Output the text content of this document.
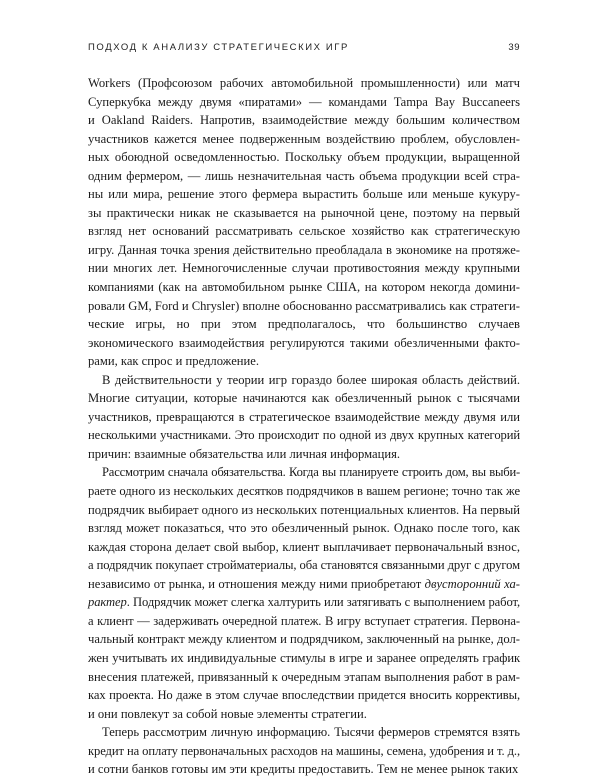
ПОДХОД К АНАЛИЗУ СТРАТЕГИЧЕСКИХ ИГР	39
Workers (Профсоюзом рабочих автомобильной промышленности) или матч
Суперкубка между двумя «пиратами» — командами Tampa Bay Buccaneers
и Oakland Raiders. Напротив, взаимодействие между большим количеством
участников кажется менее подверженным воздействию проблем, обусловлен-
ных обоюдной осведомленностью. Поскольку объем продукции, выращенной
одним фермером, — лишь незначительная часть объема продукции всей стра-
ны или мира, решение этого фермера вырастить больше или меньше кукуру-
зы практически никак не сказывается на рыночной цене, поэтому на первый
взгляд нет оснований рассматривать сельское хозяйство как стратегическую
игру. Данная точка зрения действительно преобладала в экономике на протяже-
нии многих лет. Немногочисленные случаи противостояния между крупными
компаниями (как на автомобильном рынке США, на котором некогда домини-
ровали GM, Ford и Chrysler) вполне обоснованно рассматривались как стратеги-
ческие игры, но при этом предполагалось, что большинство случаев
экономического взаимодействия регулируются такими обезличенными факто-
рами, как спрос и предложение.
В действительности у теории игр гораздо более широкая область действий.
Многие ситуации, которые начинаются как обезличенный рынок с тысячами
участников, превращаются в стратегическое взаимодействие между двумя или
несколькими участниками. Это происходит по одной из двух крупных категорий
причин: взаимные обязательства или личная информация.
Рассмотрим сначала обязательства. Когда вы планируете строить дом, вы выби-
раете одного из нескольких десятков подрядчиков в вашем регионе; точно так же
подрядчик выбирает одного из нескольких потенциальных клиентов. На первый
взгляд может показаться, что это обезличенный рынок. Однако после того, как
каждая сторона делает свой выбор, клиент выплачивает первоначальный взнос,
а подрядчик покупает стройматериалы, оба становятся связанными друг с другом
независимо от рынка, и отношения между ними приобретают двусторонний ха-
рактер. Подрядчик может слегка халтурить или затягивать с выполнением работ,
а клиент — задерживать очередной платеж. В игру вступает стратегия. Первона-
чальный контракт между клиентом и подрядчиком, заключенный на рынке, дол-
жен учитывать их индивидуальные стимулы в игре и заранее определять график
внесения платежей, привязанный к очередным этапам выполнения работ в рам-
ках проекта. Но даже в этом случае впоследствии придется вносить коррективы,
и они повлекут за собой новые элементы стратегии.
Теперь рассмотрим личную информацию. Тысячи фермеров стремятся взять
кредит на оплату первоначальных расходов на машины, семена, удобрения и т. д.,
и сотни банков готовы им эти кредиты предоставить. Тем не менее рынок таких
